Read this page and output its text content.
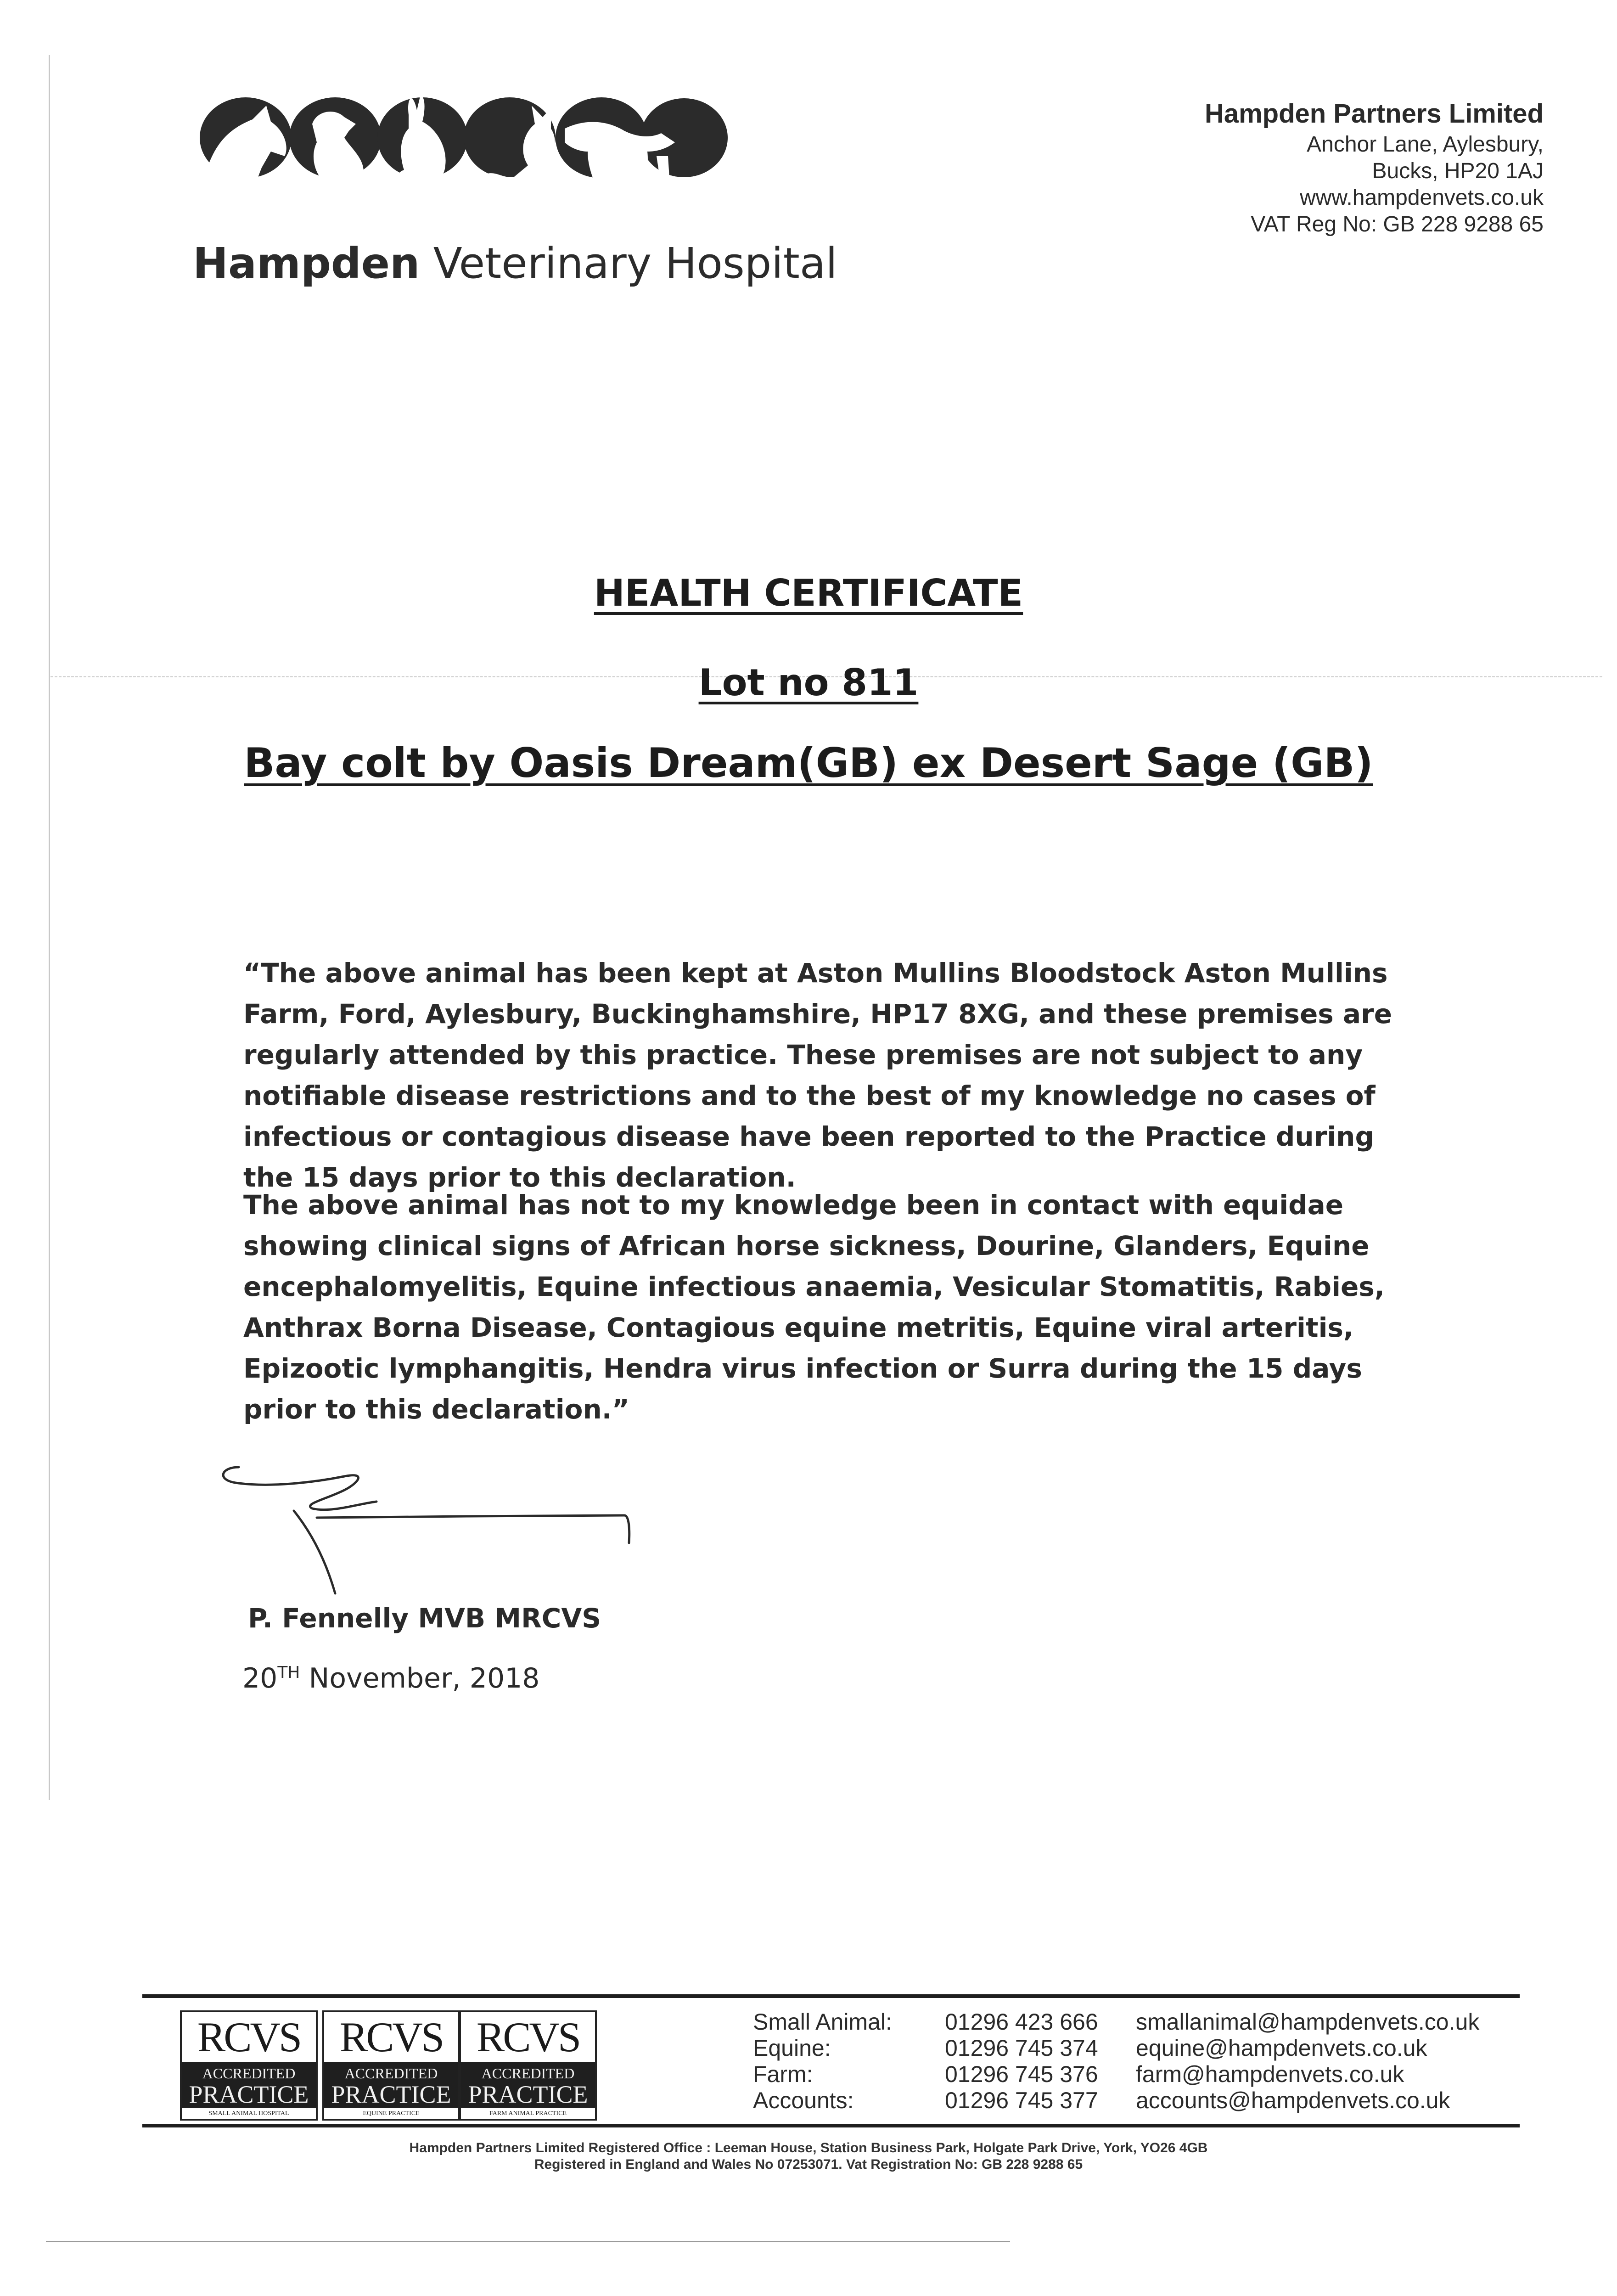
Hampden Veterinary Hospital
Hampden Partners Limited
Anchor Lane, Aylesbury,
Bucks, HP20 1AJ
www.hampdenvets.co.uk
VAT Reg No: GB 228 9288 65
HEALTH CERTIFICATE
Lot no 811
Bay colt by Oasis Dream(GB) ex Desert Sage (GB)
“The above animal has been kept at Aston Mullins Bloodstock Aston Mullins Farm, Ford, Aylesbury, Buckinghamshire, HP17 8XG, and these premises are regularly attended by this practice. These premises are not subject to any notifiable disease restrictions and to the best of my knowledge no cases of infectious or contagious disease have been reported to the Practice during the 15 days prior to this declaration.
The above animal has not to my knowledge been in contact with equidae showing clinical signs of African horse sickness, Dourine, Glanders, Equine encephalomyelitis, Equine infectious anaemia, Vesicular Stomatitis, Rabies, Anthrax Borna Disease, Contagious equine metritis, Equine viral arteritis, Epizootic lymphangitis, Hendra virus infection or Surra during the 15 days prior to this declaration.”
P. Fennelly MVB MRCVS
20TH November, 2018
RCVS
ACCREDITED
PRACTICE
SMALL ANIMAL HOSPITAL
RCVS
ACCREDITED
PRACTICE
EQUINE PRACTICE
RCVS
ACCREDITED
PRACTICE
FARM ANIMAL PRACTICE
Small Animal: 01296 423 666 smallanimal@hampdenvets.co.uk
Equine:	01296 745 374 equine@hampdenvets.co.uk
Farm:	01296 745 376 farm@hampdenvets.co.uk
Accounts:	01296 745 377 accounts@hampdenvets.co.uk
Hampden Partners Limited Registered Office : Leeman House, Station Business Park, Holgate Park Drive, York, YO26 4GB
Registered in England and Wales No 07253071. Vat Registration No: GB 228 9288 65
